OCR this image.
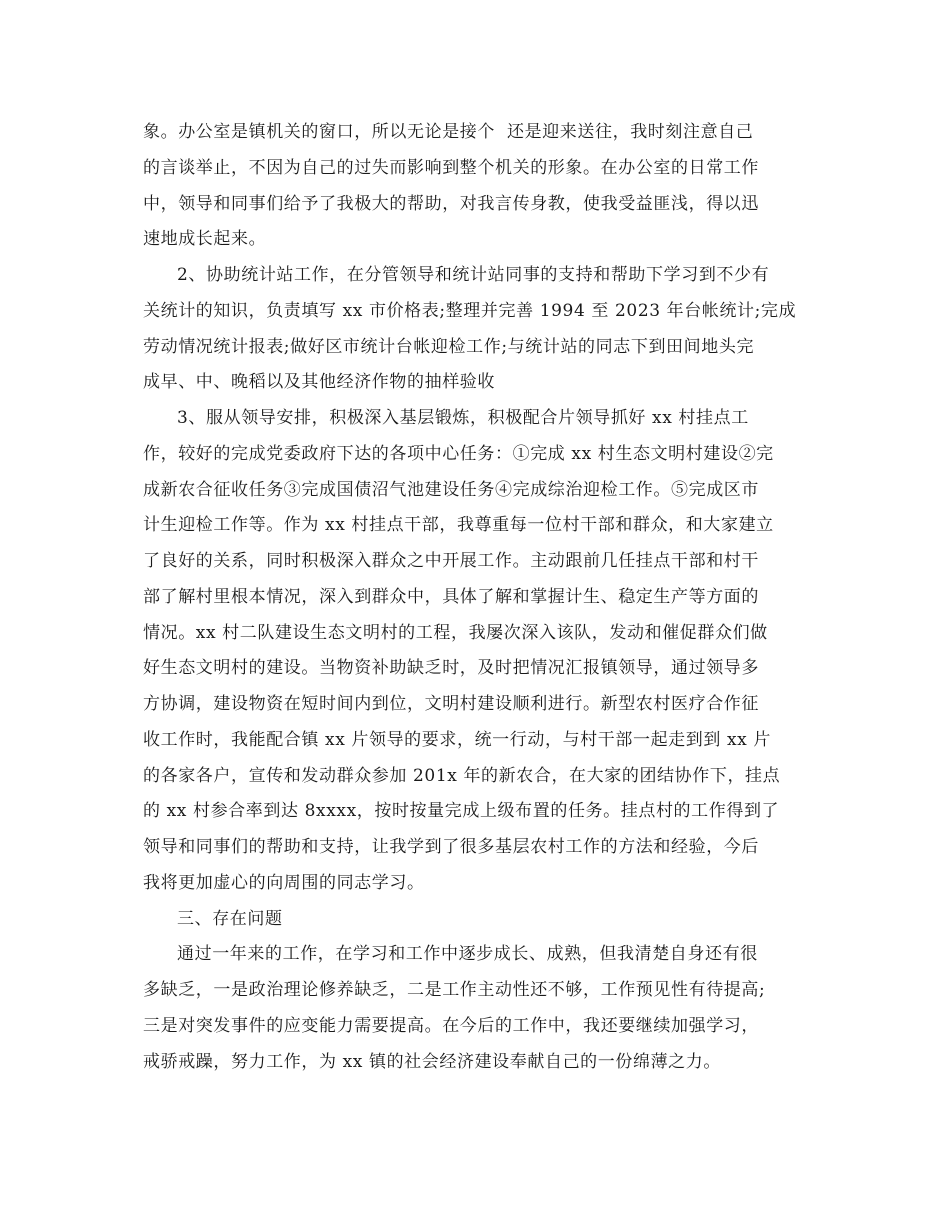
象。办公室是镇机关的窗口，所以无论是接个  还是迎来送往，我时刻注意自己
的言谈举止，不因为自己的过失而影响到整个机关的形象。在办公室的日常工作
中，领导和同事们给予了我极大的帮助，对我言传身教，使我受益匪浅，得以迅
速地成长起来。
2、协助统计站工作，在分管领导和统计站同事的支持和帮助下学习到不少有
关统计的知识，负责填写 xx 市价格表;整理并完善 1994 至 2023 年台帐统计;完成
劳动情况统计报表;做好区市统计台帐迎检工作;与统计站的同志下到田间地头完
成早、中、晚稻以及其他经济作物的抽样验收
3、服从领导安排，积极深入基层锻炼，积极配合片领导抓好 xx 村挂点工
作，较好的完成党委政府下达的各项中心任务：①完成 xx 村生态文明村建设②完
成新农合征收任务③完成国债沼气池建设任务④完成综治迎检工作。⑤完成区市
计生迎检工作等。作为 xx 村挂点干部，我尊重每一位村干部和群众，和大家建立
了良好的关系，同时积极深入群众之中开展工作。主动跟前几任挂点干部和村干
部了解村里根本情况，深入到群众中，具体了解和掌握计生、稳定生产等方面的
情况。xx 村二队建设生态文明村的工程，我屡次深入该队，发动和催促群众们做
好生态文明村的建设。当物资补助缺乏时，及时把情况汇报镇领导，通过领导多
方协调，建设物资在短时间内到位，文明村建设顺利进行。新型农村医疗合作征
收工作时，我能配合镇 xx 片领导的要求，统一行动，与村干部一起走到到 xx 片
的各家各户，宣传和发动群众参加 201x 年的新农合，在大家的团结协作下，挂点
的 xx 村参合率到达 8xxxx，按时按量完成上级布置的任务。挂点村的工作得到了
领导和同事们的帮助和支持，让我学到了很多基层农村工作的方法和经验，今后
我将更加虚心的向周围的同志学习。
三、存在问题
通过一年来的工作，在学习和工作中逐步成长、成熟，但我清楚自身还有很
多缺乏，一是政治理论修养缺乏，二是工作主动性还不够，工作预见性有待提高;
三是对突发事件的应变能力需要提高。在今后的工作中，我还要继续加强学习，
戒骄戒躁，努力工作，为 xx 镇的社会经济建设奉献自己的一份绵薄之力。
